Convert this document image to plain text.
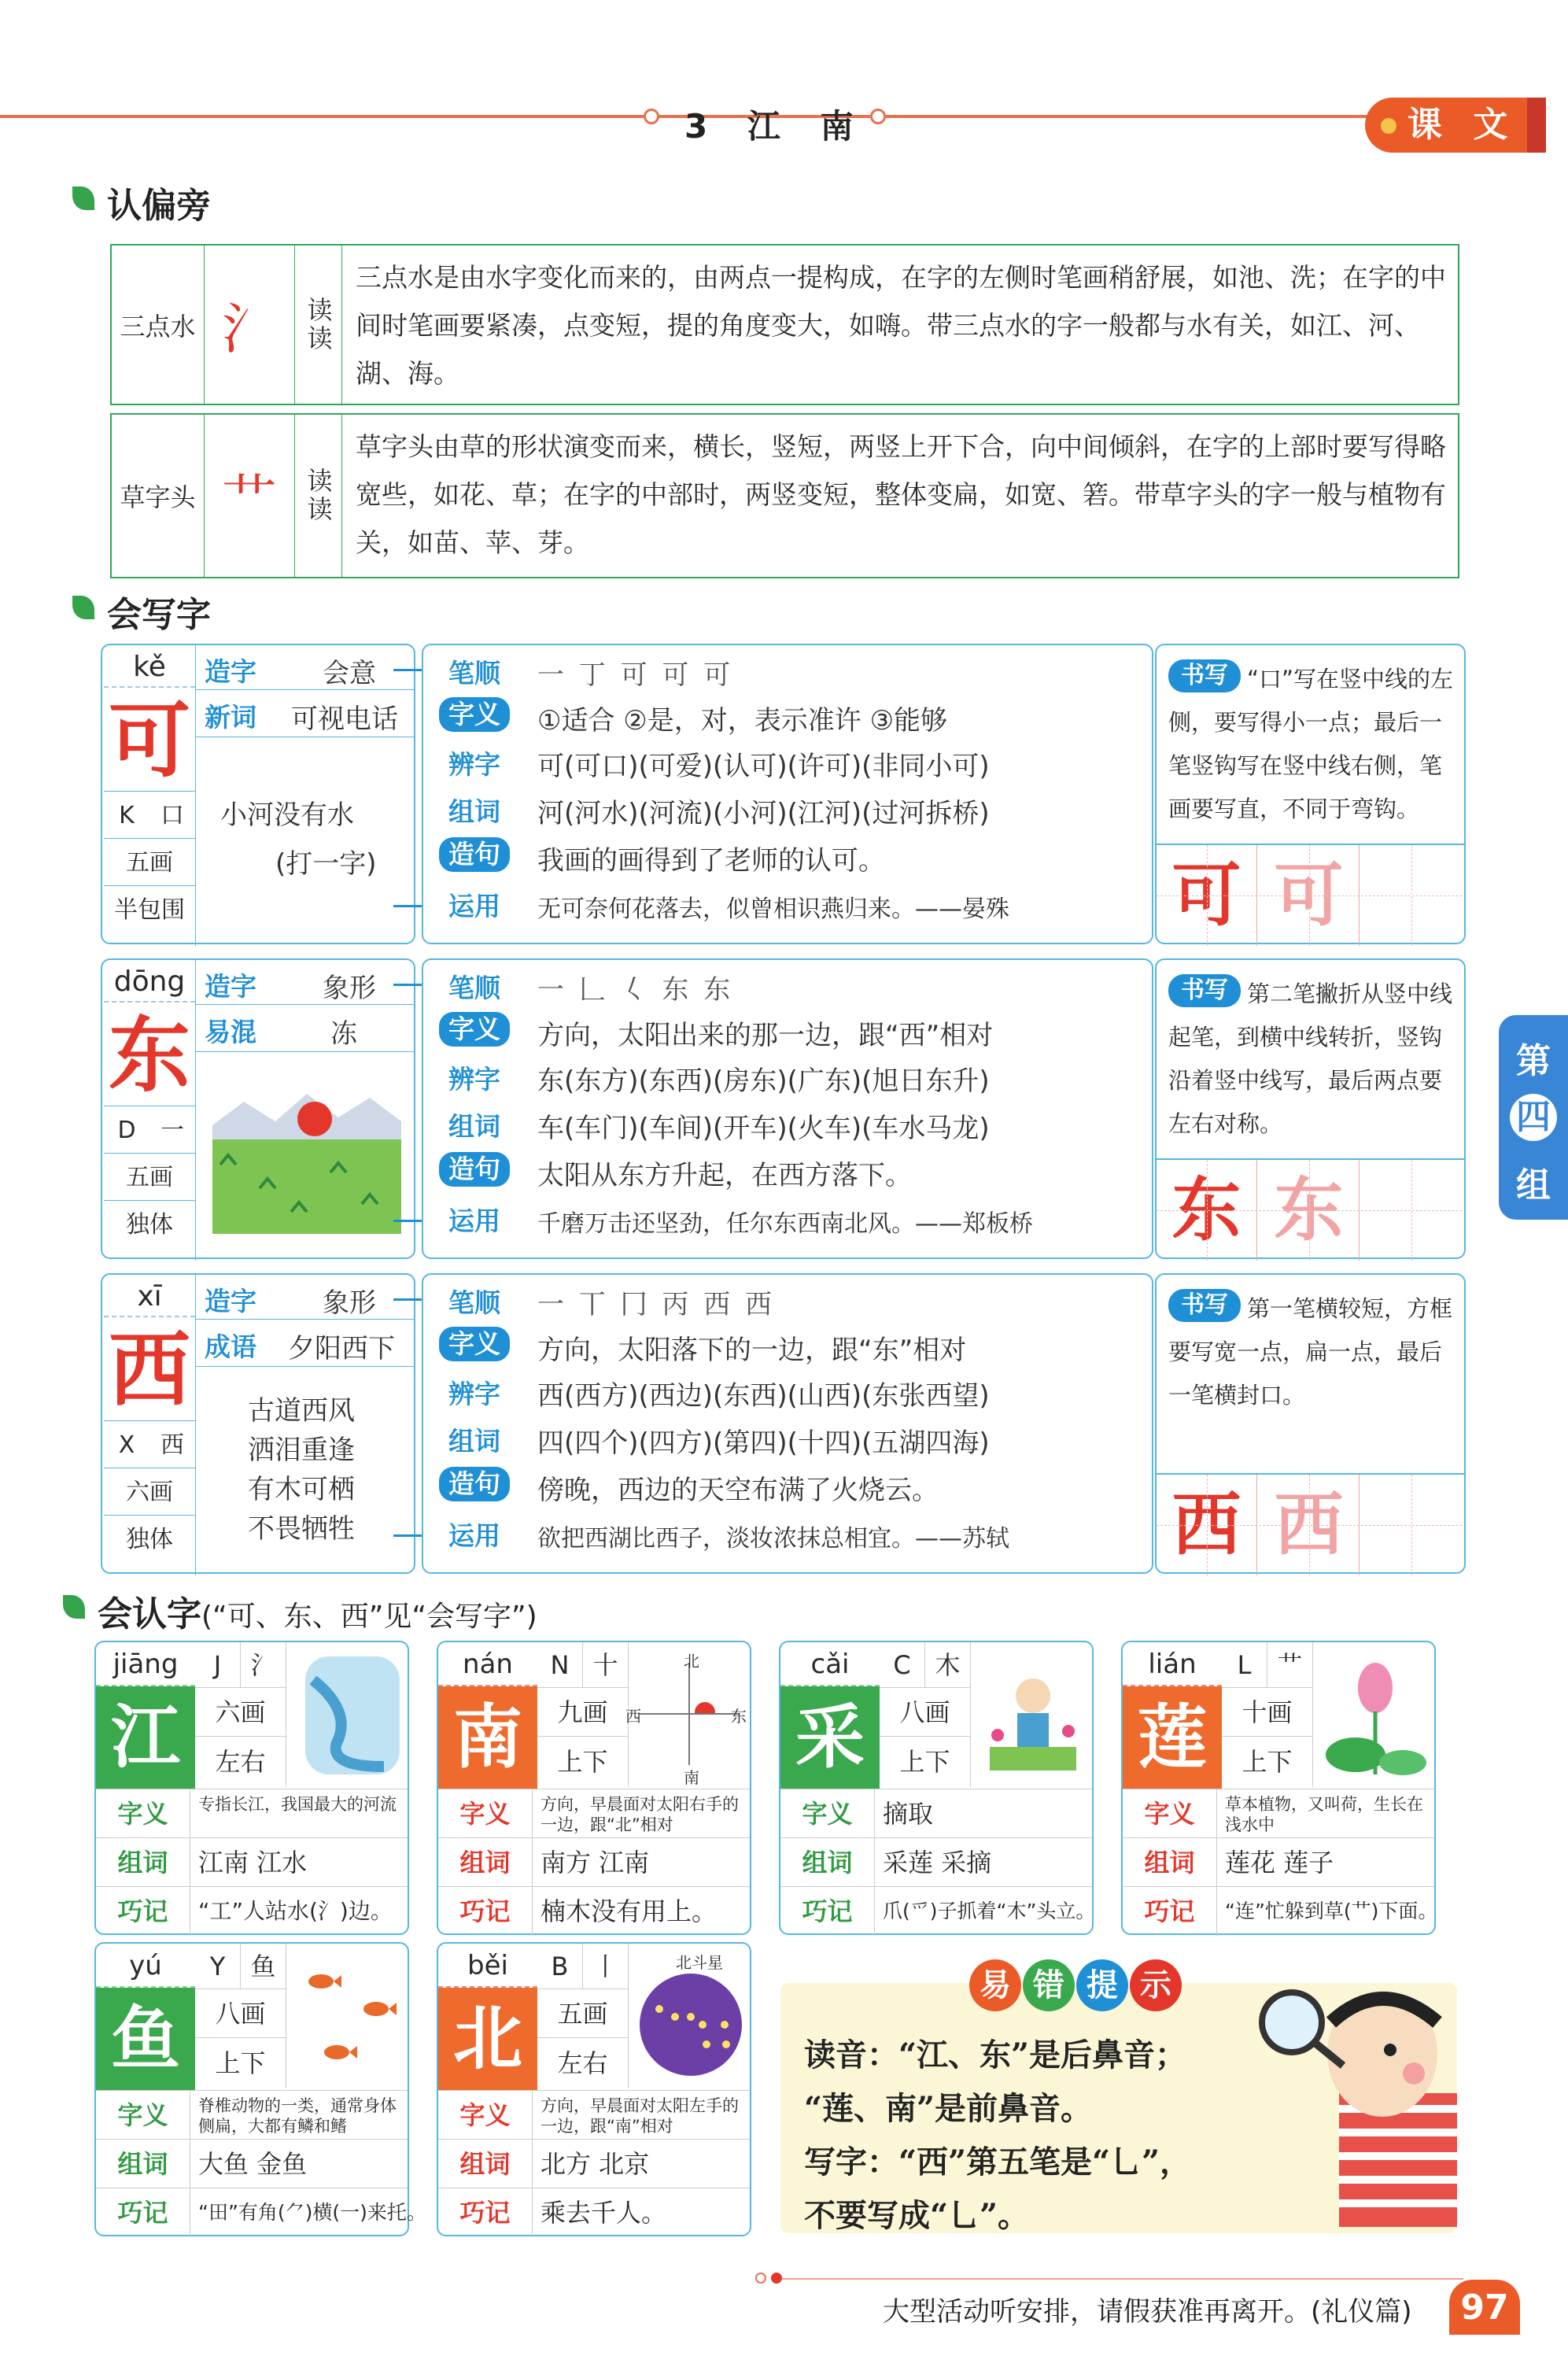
3 江 南	课 文
认偏旁
三点水 氵	读读
三点水是由水字变化而来的，由两点一提构成，在字的左侧时笔画稍舒展，如池、洗；在字的中间时笔画要紧凑，点变短，提的角度变大，如嗨。带三点水的字一般都与水有关，如江、河、湖、海。
草字头 艹	读读
草字头由草的形状演变而来，横长，竖短，两竖上开下合，向中间倾斜，在字的上部时要写得略宽些，如花、草；在字的中部时，两竖变短，整体变扁，如宽、箬。带草字头的字一般与植物有关，如苗、苹、芽。
会写字
kě
可
K	口
五画
半包围
造字 会意
新词 可视电话
小河没有水
(打一字)
笔顺	一 丁 可 可 可
字义	①适合 ②是，对，表示准许 ③能够
辨字	可(可口)(可爱)(认可)(许可)(非同小可)
组词	河(河水)(河流)(小河)(江河)(过河拆桥)
造句	我画的画得到了老师的认可。
运用	无可奈何花落去，似曾相识燕归来。——晏殊
书写 “口”写在竖中线的左侧，要写得小一点；最后一笔竖钩写在竖中线右侧，笔画要写直，不同于弯钩。
可 可
dōng
东
D	一
五画
独体
造字 象形
易混	冻
笔顺	一 𠃊 𡿨 东 东
字义	方向，太阳出来的那一边，跟“西”相对
辨字	东(东方)(东西)(房东)(广东)(旭日东升)
组词	车(车门)(车间)(开车)(火车)(车水马龙)
造句	太阳从东方升起，在西方落下。
运用	千磨万击还坚劲，任尔东西南北风。——郑板桥
书写 第二笔撇折从竖中线起笔，到横中线转折，竖钩沿着竖中线写，最后两点要左右对称。
东 东
xī
西
X	西
六画
独体
造字 象形
成语 夕阳西下
古道西风
洒泪重逢
有木可栖
不畏牺牲
笔顺	一 丅 冂 丙 西 西
字义	方向，太阳落下的一边，跟“东”相对
辨字	西(西方)(西边)(东西)(山西)(东张西望)
组词	四(四个)(四方)(第四)(十四)(五湖四海)
造句	傍晚，西边的天空布满了火烧云。
运用	欲把西湖比西子，淡妆浓抹总相宜。——苏轼
书写 第一笔横较短，方框要写宽一点，扁一点，最后一笔横封口。
西 西
第
四
组
会认字(“可、东、西”见“会写字”)
jiāng
江
J	氵
六画
左右
字义	专指长江，我国最大的河流
组词	江南 江水
巧记	“工”人站水(氵)边。
nán
南
N 十
九画
上下
北
南
西	东
字义	方向，早晨面对太阳右手的一边，跟“北”相对
组词	南方 江南
巧记	楠木没有用上。
cǎi
采
C 木
八画
上下
字义	摘取
组词	采莲 采摘
巧记	爪(爫)子抓着“木”头立。
lián
莲
L	艹
十画
上下
字义	草本植物，又叫荷，生长在浅水中
组词	莲花 莲子
巧记	“连”忙躲到草(艹)下面。
yú
鱼
Y	鱼
八画
上下
字义	脊椎动物的一类，通常身体侧扁，大都有鳞和鳍
组词	大鱼 金鱼
巧记	“田”有角(⺈)横(一)来托。
běi
北
B 丨
五画
左右
北斗星
字义	方向，早晨面对太阳左手的一边，跟“南”相对
组词	北方 北京
巧记	乘去千人。
易 错 提 示
读音：“江、东”是后鼻音；
“莲、南”是前鼻音。
写字：“西”第五笔是“乚”，
不要写成“乚”。
大型活动听安排，请假获准再离开。(礼仪篇)	97
